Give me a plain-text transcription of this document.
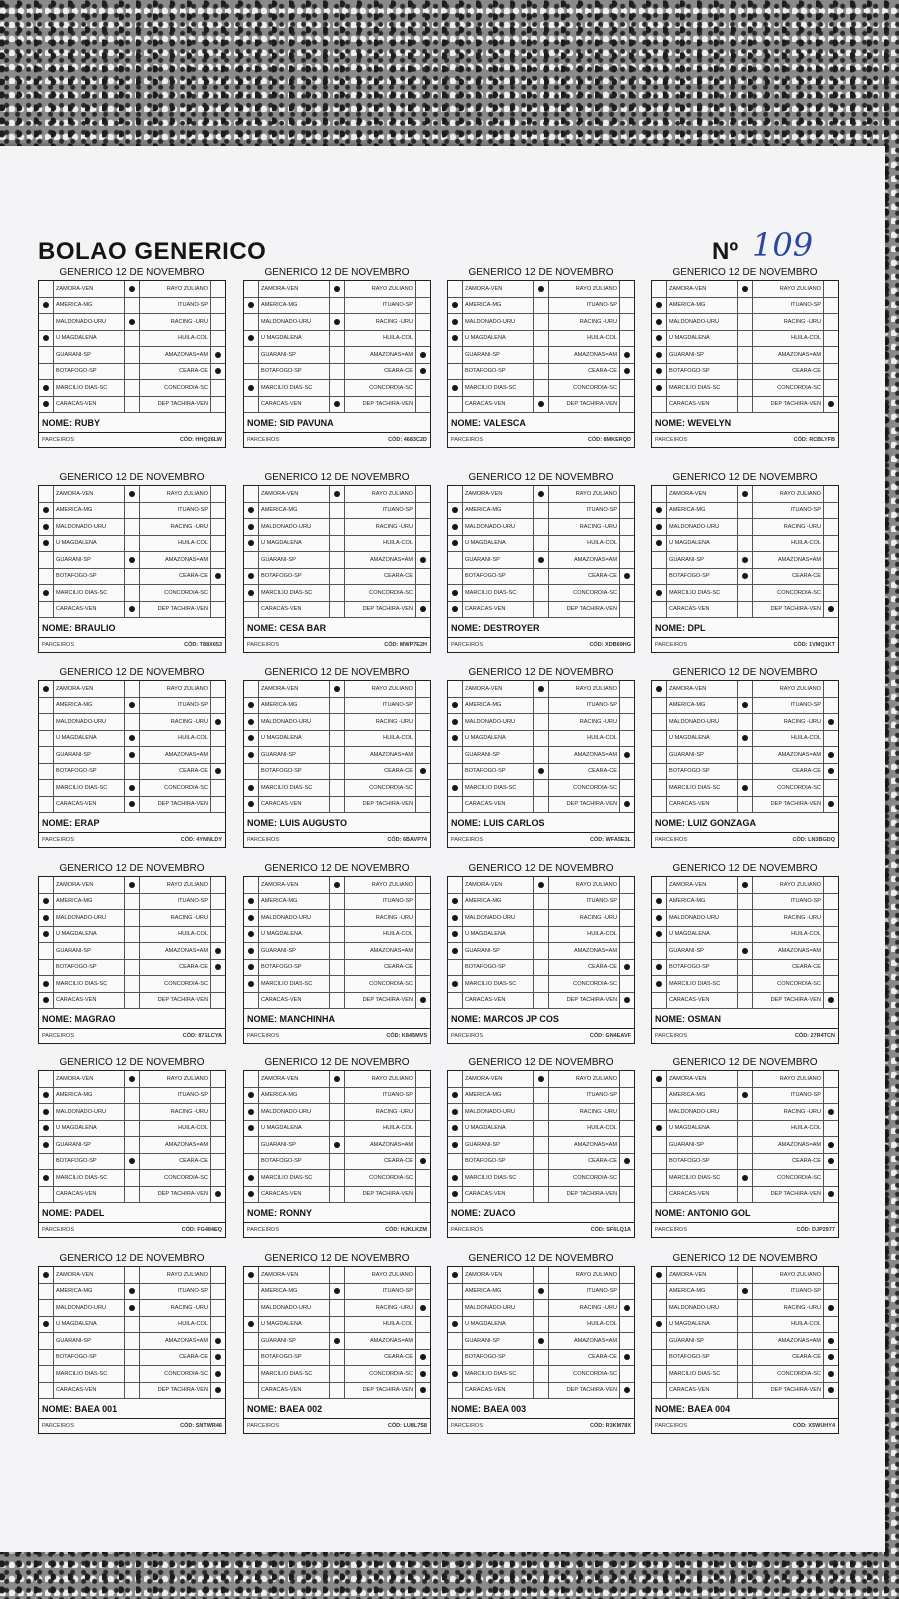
BOLAO GENERICO	Nº 109
GENERICO 12 DE NOVEMBRO
ZAMORA-VEN	RAYO ZULIANO
AMERICA-MG	ITUANO-SP
MALDONADO-URU	RACING -URU
U MAGDALENA	HUILA-COL
GUARANI-SP	AMAZONAS=AM
BOTAFOGO-SP	CEARA-CE
MARCILIO DIAS-SC	CONCORDIA-SC
CARACAS-VEN	DEP TACHIRA-VEN
NOME: RUBY
PARCEIROS	CÓD: HHQ26LW
GENERICO 12 DE NOVEMBRO
ZAMORA-VEN	RAYO ZULIANO
AMERICA-MG	ITUANO-SP
MALDONADO-URU	RACING -URU
U MAGDALENA	HUILA-COL
GUARANI-SP	AMAZONAS=AM
BOTAFOGO-SP	CEARA-CE
MARCILIO DIAS-SC	CONCORDIA-SC
CARACAS-VEN	DEP TACHIRA-VEN
NOME: SID PAVUNA
PARCEIROS	CÓD: 4683C2D
GENERICO 12 DE NOVEMBRO
ZAMORA-VEN	RAYO ZULIANO
AMERICA-MG	ITUANO-SP
MALDONADO-URU	RACING -URU
U MAGDALENA	HUILA-COL
GUARANI-SP	AMAZONAS=AM
BOTAFOGO-SP	CEARA-CE
MARCILIO DIAS-SC	CONCORDIA-SC
CARACAS-VEN	DEP TACHIRA-VEN
NOME: VALESCA
PARCEIROS	CÓD: 8MKERQD
GENERICO 12 DE NOVEMBRO
ZAMORA-VEN	RAYO ZULIANO
AMERICA-MG	ITUANO-SP
MALDONADO-URU	RACING -URU
U MAGDALENA	HUILA-COL
GUARANI-SP	AMAZONAS=AM
BOTAFOGO-SP	CEARA-CE
MARCILIO DIAS-SC	CONCORDIA-SC
CARACAS-VEN	DEP TACHIRA-VEN
NOME: WEVELYN
PARCEIROS	CÓD: RCBLYFB
GENERICO 12 DE NOVEMBRO
ZAMORA-VEN	RAYO ZULIANO
AMERICA-MG	ITUANO-SP
MALDONADO-URU	RACING -URU
U MAGDALENA	HUILA-COL
GUARANI-SP	AMAZONAS=AM
BOTAFOGO-SP	CEARA-CE
MARCILIO DIAS-SC	CONCORDIA-SC
CARACAS-VEN	DEP TACHIRA-VEN
NOME: BRAULIO
PARCEIROS	CÓD: T88X653
GENERICO 12 DE NOVEMBRO
ZAMORA-VEN	RAYO ZULIANO
AMERICA-MG	ITUANO-SP
MALDONADO-URU	RACING -URU
U MAGDALENA	HUILA-COL
GUARANI-SP	AMAZONAS=AM
BOTAFOGO-SP	CEARA-CE
MARCILIO DIAS-SC	CONCORDIA-SC
CARACAS-VEN	DEP TACHIRA-VEN
NOME: CESA BAR
PARCEIROS	CÓD: MWP7E2H
GENERICO 12 DE NOVEMBRO
ZAMORA-VEN	RAYO ZULIANO
AMERICA-MG	ITUANO-SP
MALDONADO-URU	RACING -URU
U MAGDALENA	HUILA-COL
GUARANI-SP	AMAZONAS=AM
BOTAFOGO-SP	CEARA-CE
MARCILIO DIAS-SC	CONCORDIA-SC
CARACAS-VEN	DEP TACHIRA-VEN
NOME: DESTROYER
PARCEIROS	CÓD: XDB69HG
GENERICO 12 DE NOVEMBRO
ZAMORA-VEN	RAYO ZULIANO
AMERICA-MG	ITUANO-SP
MALDONADO-URU	RACING -URU
U MAGDALENA	HUILA-COL
GUARANI-SP	AMAZONAS=AM
BOTAFOGO-SP	CEARA-CE
MARCILIO DIAS-SC	CONCORDIA-SC
CARACAS-VEN	DEP TACHIRA-VEN
NOME: DPL
PARCEIROS	CÓD: 1VMQ1KT
GENERICO 12 DE NOVEMBRO
ZAMORA-VEN	RAYO ZULIANO
AMERICA-MG	ITUANO-SP
MALDONADO-URU	RACING -URU
U MAGDALENA	HUILA-COL
GUARANI-SP	AMAZONAS=AM
BOTAFOGO-SP	CEARA-CE
MARCILIO DIAS-SC	CONCORDIA-SC
CARACAS-VEN	DEP TACHIRA-VEN
NOME: ERAP
PARCEIROS	CÓD: 4YNNLDY
GENERICO 12 DE NOVEMBRO
ZAMORA-VEN	RAYO ZULIANO
AMERICA-MG	ITUANO-SP
MALDONADO-URU	RACING -URU
U MAGDALENA	HUILA-COL
GUARANI-SP	AMAZONAS=AM
BOTAFOGO-SP	CEARA-CE
MARCILIO DIAS-SC	CONCORDIA-SC
CARACAS-VEN	DEP TACHIRA-VEN
NOME: LUIS AUGUSTO
PARCEIROS	CÓD: 6BAVP74
GENERICO 12 DE NOVEMBRO
ZAMORA-VEN	RAYO ZULIANO
AMERICA-MG	ITUANO-SP
MALDONADO-URU	RACING -URU
U MAGDALENA	HUILA-COL
GUARANI-SP	AMAZONAS=AM
BOTAFOGO-SP	CEARA-CE
MARCILIO DIAS-SC	CONCORDIA-SC
CARACAS-VEN	DEP TACHIRA-VEN
NOME: LUIS CARLOS
PARCEIROS	CÓD: WFA5E3L
GENERICO 12 DE NOVEMBRO
ZAMORA-VEN	RAYO ZULIANO
AMERICA-MG	ITUANO-SP
MALDONADO-URU	RACING -URU
U MAGDALENA	HUILA-COL
GUARANI-SP	AMAZONAS=AM
BOTAFOGO-SP	CEARA-CE
MARCILIO DIAS-SC	CONCORDIA-SC
CARACAS-VEN	DEP TACHIRA-VEN
NOME: LUIZ GONZAGA
PARCEIROS	CÓD: LN3BGDQ
GENERICO 12 DE NOVEMBRO
ZAMORA-VEN	RAYO ZULIANO
AMERICA-MG	ITUANO-SP
MALDONADO-URU	RACING -URU
U MAGDALENA	HUILA-COL
GUARANI-SP	AMAZONAS=AM
BOTAFOGO-SP	CEARA-CE
MARCILIO DIAS-SC	CONCORDIA-SC
CARACAS-VEN	DEP TACHIRA-VEN
NOME: MAGRAO
PARCEIROS	CÓD: 871LCYA
GENERICO 12 DE NOVEMBRO
ZAMORA-VEN	RAYO ZULIANO
AMERICA-MG	ITUANO-SP
MALDONADO-URU	RACING -URU
U MAGDALENA	HUILA-COL
GUARANI-SP	AMAZONAS=AM
BOTAFOGO-SP	CEARA-CE
MARCILIO DIAS-SC	CONCORDIA-SC
CARACAS-VEN	DEP TACHIRA-VEN
NOME: MANCHINHA
PARCEIROS	CÓD: K845MVS
GENERICO 12 DE NOVEMBRO
ZAMORA-VEN	RAYO ZULIANO
AMERICA-MG	ITUANO-SP
MALDONADO-URU	RACING -URU
U MAGDALENA	HUILA-COL
GUARANI-SP	AMAZONAS=AM
BOTAFOGO-SP	CEARA-CE
MARCILIO DIAS-SC	CONCORDIA-SC
CARACAS-VEN	DEP TACHIRA-VEN
NOME: MARCOS JP COS
PARCEIROS	CÓD: GN4EAVF
GENERICO 12 DE NOVEMBRO
ZAMORA-VEN	RAYO ZULIANO
AMERICA-MG	ITUANO-SP
MALDONADO-URU	RACING -URU
U MAGDALENA	HUILA-COL
GUARANI-SP	AMAZONAS=AM
BOTAFOGO-SP	CEARA-CE
MARCILIO DIAS-SC	CONCORDIA-SC
CARACAS-VEN	DEP TACHIRA-VEN
NOME: OSMAN
PARCEIROS	CÓD: 27R4TCN
GENERICO 12 DE NOVEMBRO
ZAMORA-VEN	RAYO ZULIANO
AMERICA-MG	ITUANO-SP
MALDONADO-URU	RACING -URU
U MAGDALENA	HUILA-COL
GUARANI-SP	AMAZONAS=AM
BOTAFOGO-SP	CEARA-CE
MARCILIO DIAS-SC	CONCORDIA-SC
CARACAS-VEN	DEP TACHIRA-VEN
NOME: PADEL
PARCEIROS	CÓD: FG484EQ
GENERICO 12 DE NOVEMBRO
ZAMORA-VEN	RAYO ZULIANO
AMERICA-MG	ITUANO-SP
MALDONADO-URU	RACING -URU
U MAGDALENA	HUILA-COL
GUARANI-SP	AMAZONAS=AM
BOTAFOGO-SP	CEARA-CE
MARCILIO DIAS-SC	CONCORDIA-SC
CARACAS-VEN	DEP TACHIRA-VEN
NOME: RONNY
PARCEIROS	CÓD: HJKLKZM
GENERICO 12 DE NOVEMBRO
ZAMORA-VEN	RAYO ZULIANO
AMERICA-MG	ITUANO-SP
MALDONADO-URU	RACING -URU
U MAGDALENA	HUILA-COL
GUARANI-SP	AMAZONAS=AM
BOTAFOGO-SP	CEARA-CE
MARCILIO DIAS-SC	CONCORDIA-SC
CARACAS-VEN	DEP TACHIRA-VEN
NOME: ZUACO
PARCEIROS	CÓD: SF6LQ1A
GENERICO 12 DE NOVEMBRO
ZAMORA-VEN	RAYO ZULIANO
AMERICA-MG	ITUANO-SP
MALDONADO-URU	RACING -URU
U MAGDALENA	HUILA-COL
GUARANI-SP	AMAZONAS=AM
BOTAFOGO-SP	CEARA-CE
MARCILIO DIAS-SC	CONCORDIA-SC
CARACAS-VEN	DEP TACHIRA-VEN
NOME: ANTONIO GOL
PARCEIROS	CÓD: DJP2977
GENERICO 12 DE NOVEMBRO
ZAMORA-VEN	RAYO ZULIANO
AMERICA-MG	ITUANO-SP
MALDONADO-URU	RACING -URU
U MAGDALENA	HUILA-COL
GUARANI-SP	AMAZONAS=AM
BOTAFOGO-SP	CEARA-CE
MARCILIO DIAS-SC	CONCORDIA-SC
CARACAS-VEN	DEP TACHIRA-VEN
NOME: BAEA 001
PARCEIROS	CÓD: SNTWR46
GENERICO 12 DE NOVEMBRO
ZAMORA-VEN	RAYO ZULIANO
AMERICA-MG	ITUANO-SP
MALDONADO-URU	RACING -URU
U MAGDALENA	HUILA-COL
GUARANI-SP	AMAZONAS=AM
BOTAFOGO-SP	CEARA-CE
MARCILIO DIAS-SC	CONCORDIA-SC
CARACAS-VEN	DEP TACHIRA-VEN
NOME: BAEA 002
PARCEIROS	CÓD: LU8L7S8
GENERICO 12 DE NOVEMBRO
ZAMORA-VEN	RAYO ZULIANO
AMERICA-MG	ITUANO-SP
MALDONADO-URU	RACING -URU
U MAGDALENA	HUILA-COL
GUARANI-SP	AMAZONAS=AM
BOTAFOGO-SP	CEARA-CE
MARCILIO DIAS-SC	CONCORDIA-SC
CARACAS-VEN	DEP TACHIRA-VEN
NOME: BAEA 003
PARCEIROS	CÓD: R3KM78X
GENERICO 12 DE NOVEMBRO
ZAMORA-VEN	RAYO ZULIANO
AMERICA-MG	ITUANO-SP
MALDONADO-URU	RACING -URU
U MAGDALENA	HUILA-COL
GUARANI-SP	AMAZONAS=AM
BOTAFOGO-SP	CEARA-CE
MARCILIO DIAS-SC	CONCORDIA-SC
CARACAS-VEN	DEP TACHIRA-VEN
NOME: BAEA 004
PARCEIROS	CÓD: X5WUHY4
